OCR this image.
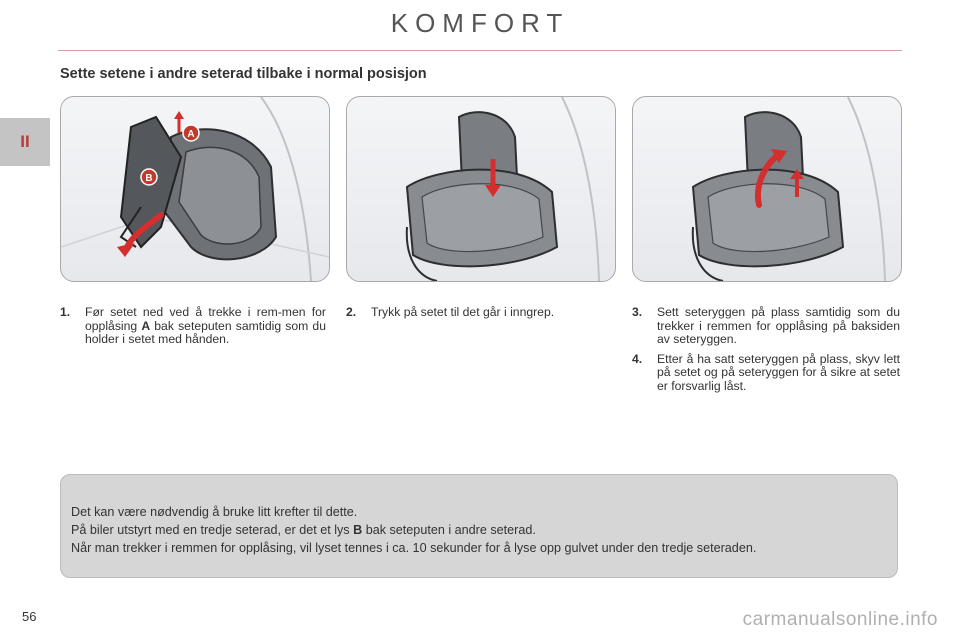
KOMFORT
II
Sette setene i andre seterad tilbake i normal posisjon
A
B
1. Før setet ned ved å trekke i rem-men for opplåsing A bak seteputen samtidig som du holder i setet med hånden.
2. Trykk på setet til det går i inngrep.	3. Sett seteryggen på plass samtidig som du trekker i remmen for opplåsing på baksiden av seteryggen.
4. Etter å ha satt seteryggen på plass, skyv lett på setet og på seteryggen for å sikre at setet er forsvarlig låst.
Det kan være nødvendig å bruke litt krefter til dette.
På biler utstyrt med en tredje seterad, er det et lys B bak seteputen i andre seterad.
Når man trekker i remmen for opplåsing, vil lyset tennes i ca. 10 sekunder for å lyse opp gulvet under den tredje seteraden.
56	carmanualsonline.info
